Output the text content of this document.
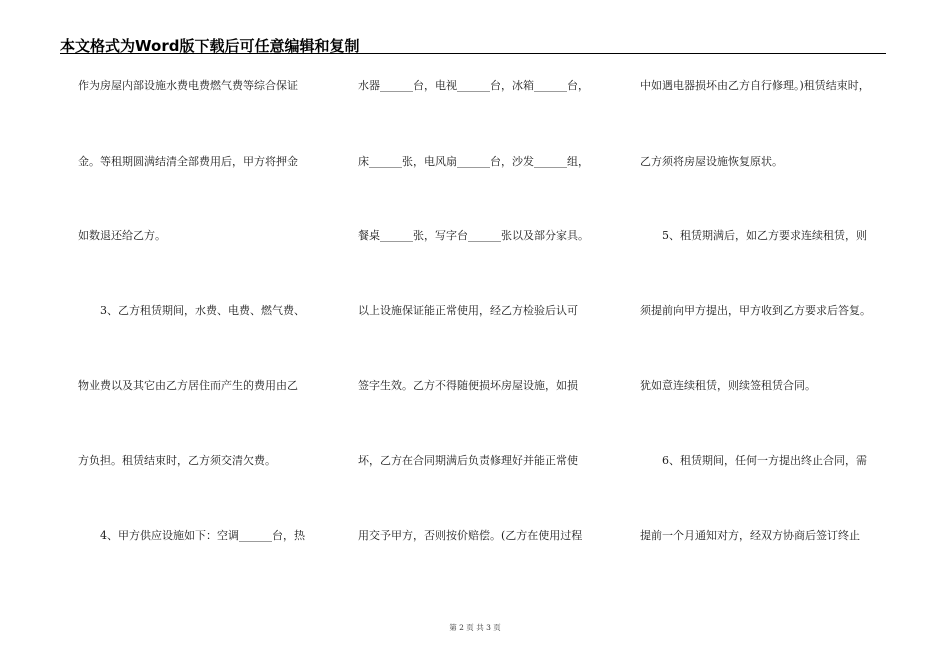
本文格式为Word版下载后可任意编辑和复制
作为房屋内部设施水费电费燃气费等综合保证
金。等租期圆满结清全部费用后，甲方将押金
如数退还给乙方。
3、乙方租赁期间，水费、电费、燃气费、
物业费以及其它由乙方居住而产生的费用由乙
方负担。租赁结束时，乙方须交清欠费。
4、甲方供应设施如下：空调______台，热
水器______台，电视______台，冰箱______台，
床______张，电风扇______台，沙发______组，
餐桌______张，写字台______张以及部分家具。
以上设施保证能正常使用，经乙方检验后认可
签字生效。乙方不得随便损坏房屋设施，如损
坏，乙方在合同期满后负责修理好并能正常使
用交予甲方，否则按价赔偿。(乙方在使用过程
中如遇电器损坏由乙方自行修理。)租赁结束时，
乙方须将房屋设施恢复原状。
5、租赁期满后，如乙方要求连续租赁，则
须提前向甲方提出，甲方收到乙方要求后答复。
犹如意连续租赁，则续签租赁合同。
6、租赁期间，任何一方提出终止合同，需
提前一个月通知对方，经双方协商后签订终止
第 2 页 共 3 页
